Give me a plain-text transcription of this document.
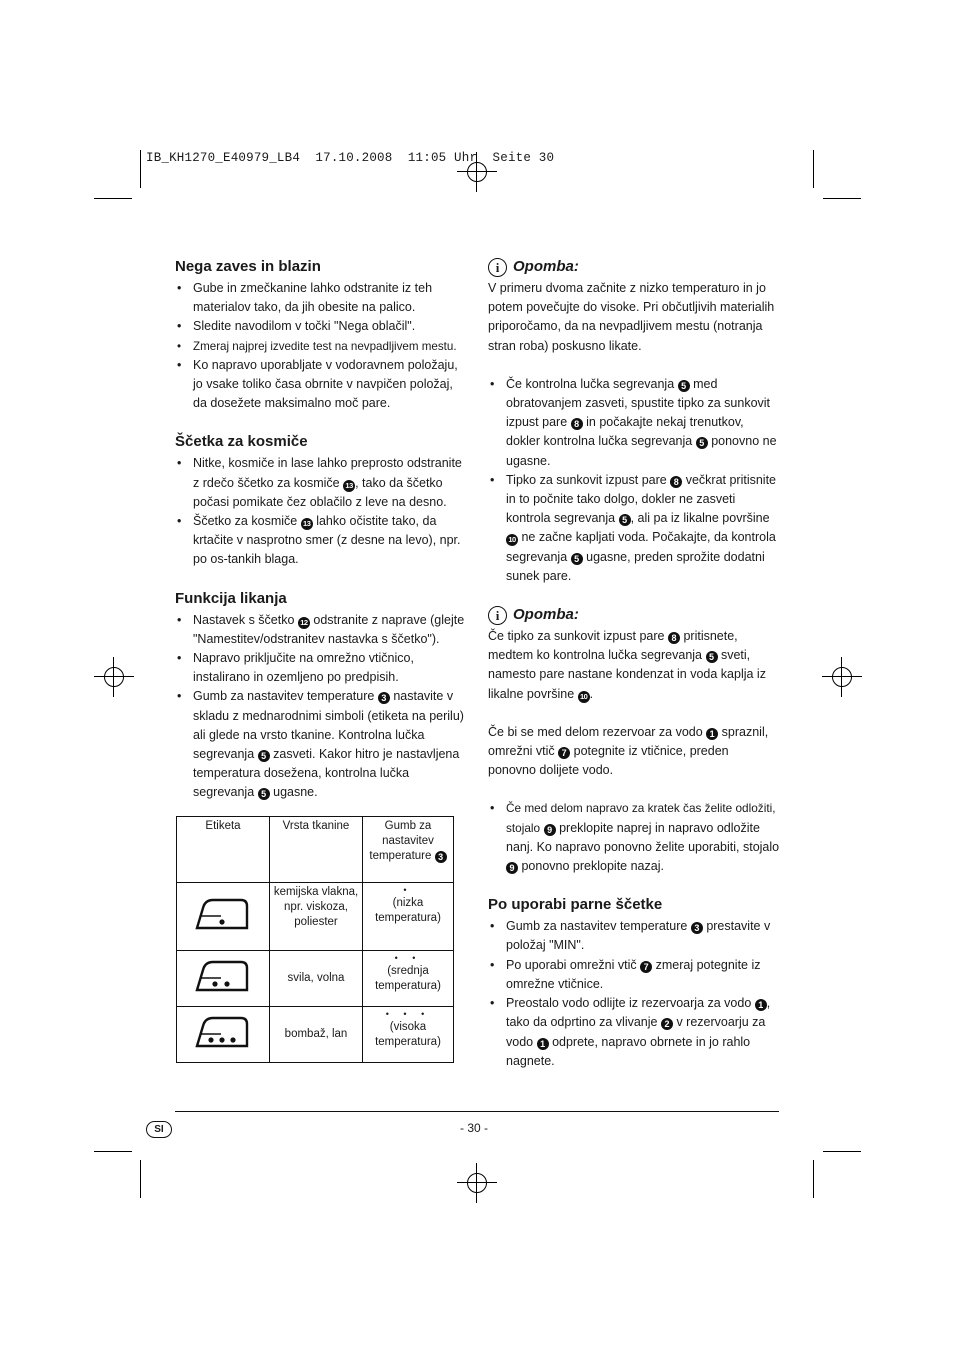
IB_KH1270_E40979_LB4  17.10.2008  11:05 Uhr  Seite 30
Nega zaves in blazin
• Gube in zmečkanine lahko odstranite iz teh materialov tako, da jih obesite na palico.
• Sledite navodilom v točki "Nega oblačil".
• Zmeraj najprej izvedite test na nevpadljivem mestu.
• Ko napravo uporabljate v vodoravnem položaju, jo vsake toliko časa obrnite v navpičen položaj, da dosežete maksimalno moč pare.
Ščetka za kosmiče
• Nitke, kosmiče in lase lahko preprosto odstranite z rdečo ščetko za kosmiče 13 , tako da ščetko počasi pomikate čez oblačilo z leve na desno.
• Ščetko za kosmiče 13 lahko očistite tako, da krtačite v nasprotno smer (z desne na levo), npr. po os-tankih blaga.
Funkcija likanja
• Nastavek s ščetko 12 odstranite z naprave (glejte "Namestitev/odstranitev nastavka s ščetko").
• Napravo priključite na omrežno vtičnico, instalirano in ozemljeno po predpisih.
• Gumb za nastavitev temperature 3 nastavite v skladu z mednarodnimi simboli (etiketa na perilu) ali glede na vrsto tkanine. Kontrolna lučka segrevanja 5 zasveti. Kakor hitro je nastavljena temperatura dosežena, kontrolna lučka segrevanja 5 ugasne.
Etiketa	Vrsta tkanine	Gumb za nastavitev temperature 3
	kemijska vlakna, npr. viskoza, poliester	•
(nizka temperatura)

	svila, volna	• •
(srednja temperatura)

	bombaž, lan	• • •
(visoka temperatura)
i Opomba:

V primeru dvoma začnite z nizko temperaturo in jo potem povečujte do visoke. Pri občutljivih materialih priporočamo, da na nevpadljivem mestu (notranja stran roba) poskusno likate.

• Če kontrolna lučka segrevanja 5 med obratovanjem zasveti, spustite tipko za sunkovit izpust pare 8 in počakajte nekaj trenutkov, dokler kontrolna lučka segrevanja 5 ponovno ne ugasne.
• Tipko za sunkovit izpust pare 8 večkrat pritisnite in to počnite tako dolgo, dokler ne zasveti kontrola segrevanja 5 , ali pa iz likalne površine 10 ne začne kapljati voda. Počakajte, da kontrola segrevanja 5 ugasne, preden sprožite dodatni sunek pare.
i Opomba:

Če tipko za sunkovit izpust pare 8 pritisnete, medtem ko kontrolna lučka segrevanja 5 sveti, namesto pare nastane kondenzat in voda kaplja iz likalne površine 10 .

Če bi se med delom rezervoar za vodo 1 spraznil, omrežni vtič 7 potegnite iz vtičnice, preden ponovno dolijete vodo.

• Če med delom napravo za kratek čas želite odložiti, stojalo 9 preklopite naprej in napravo odložite nanj. Ko napravo ponovno želite uporabiti, stojalo 9 ponovno preklopite nazaj.
Po uporabi parne ščetke
• Gumb za nastavitev temperature 3 prestavite v položaj "MIN".
• Po uporabi omrežni vtič 7 zmeraj potegnite iz omrežne vtičnice.
• Preostalo vodo odlijte iz rezervoarja za vodo 1 , tako da odprtino za vlivanje 2 v rezervoarju za vodo 1 odprete, napravo obrnete in jo rahlo nagnete.
SI	- 30 -
